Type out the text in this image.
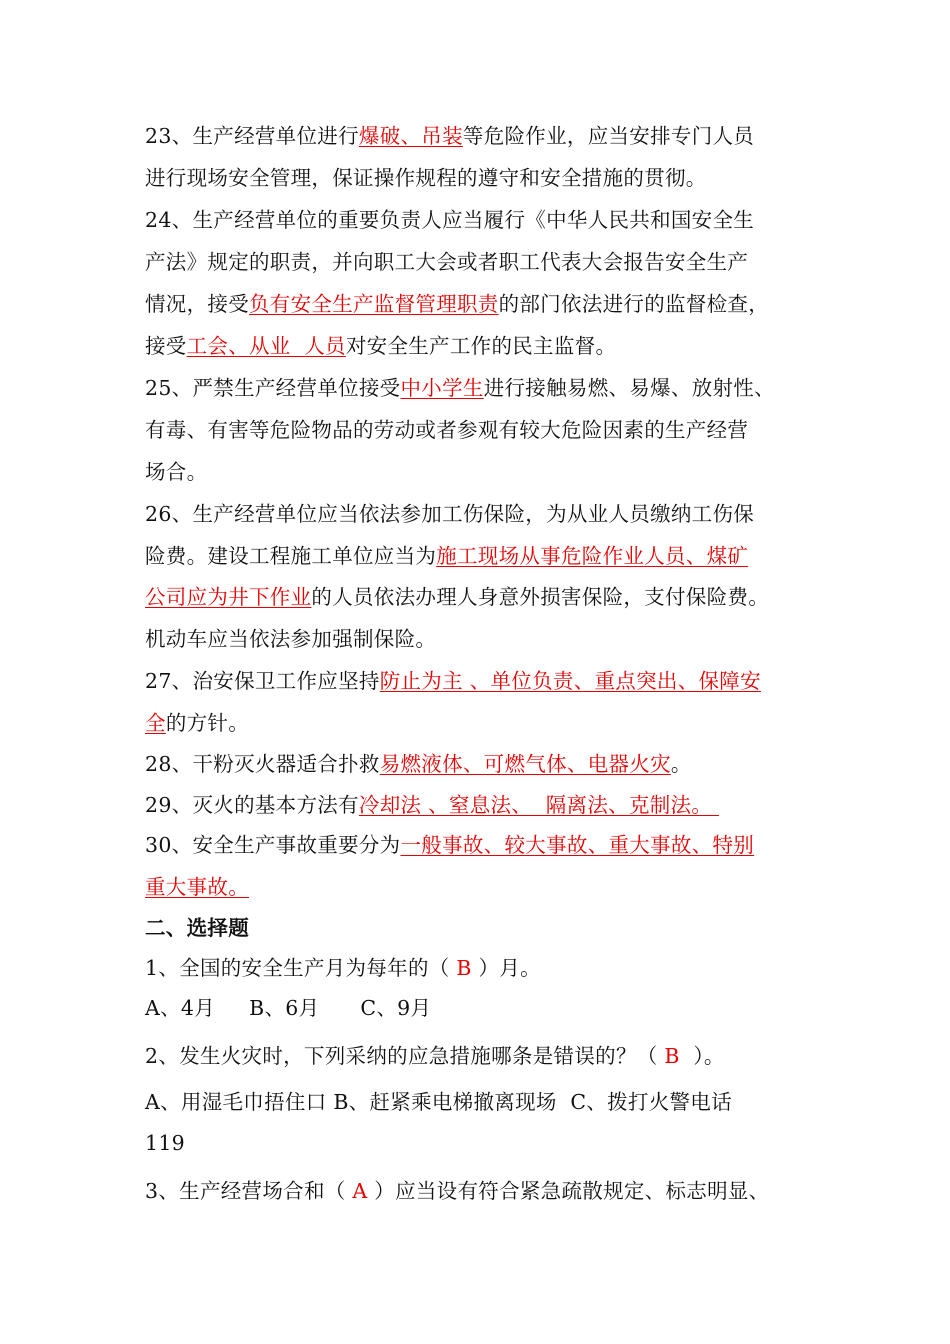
23、生产经营单位进行爆破、吊装等危险作业，应当安排专门人员
进行现场安全管理，保证操作规程的遵守和安全措施的贯彻。
24、生产经营单位的重要负责人应当履行《中华人民共和国安全生
产法》规定的职责，并向职工大会或者职工代表大会报告安全生产
情况，接受负有安全生产监督管理职责的部门依法进行的监督检查，
接受工会、从业  人员对安全生产工作的民主监督。
25、严禁生产经营单位接受中小学生进行接触易燃、易爆、放射性、
有毒、有害等危险物品的劳动或者参观有较大危险因素的生产经营
场合。
26、生产经营单位应当依法参加工伤保险，为从业人员缴纳工伤保
险费。建设工程施工单位应当为施工现场从事危险作业人员、煤矿
公司应为井下作业的人员依法办理人身意外损害保险，支付保险费。
机动车应当依法参加强制保险。
27、治安保卫工作应坚持防止为主 、单位负责、重点突出、保障安
全的方针。
28、干粉灭火器适合扑救易燃液体、可燃气体、电器火灾。
29、灭火的基本方法有冷却法 、窒息法、  隔离法、克制法。
30、安全生产事故重要分为一般事故、较大事故、重大事故、特别
重大事故。
二、选择题
1、全国的安全生产月为每年的（ B ）月。
A、4月     B、6月      C、9月
2、发生火灾时，下列采纳的应急措施哪条是错误的？（ B  ）。
A、用湿毛巾捂住口 B、赶紧乘电梯撤离现场  C、拨打火警电话
119
3、生产经营场合和（ A ）应当设有符合紧急疏散规定、标志明显、
